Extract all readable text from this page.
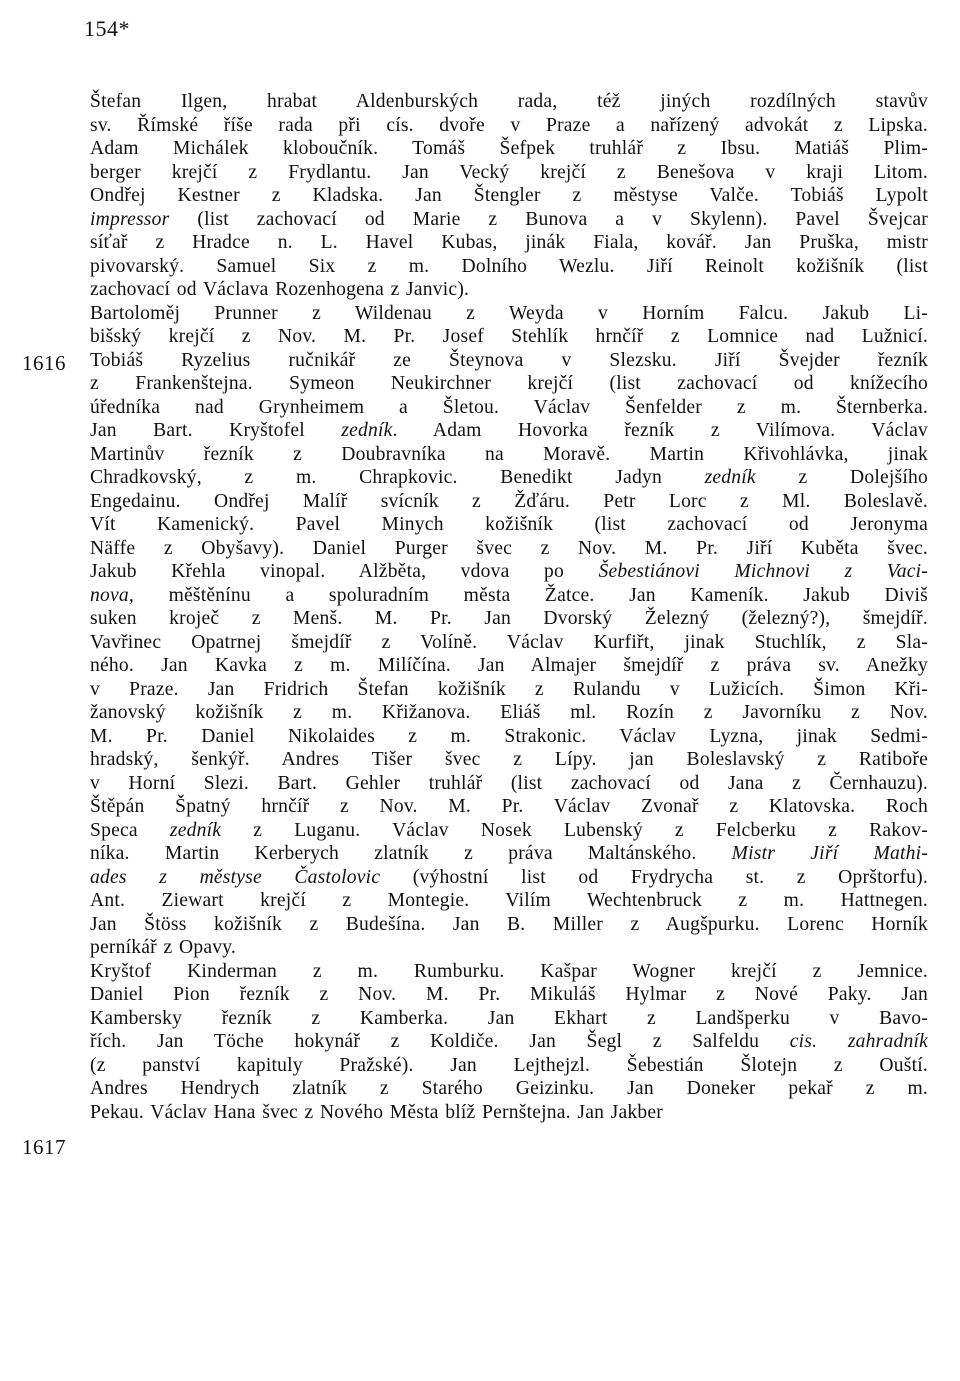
154*
1616
1617
Štefan Ilgen, hrabat Aldenburských rada, též jiných rozdílných stavův
sv. Římské říše rada při cís. dvoře v Praze a nařízený advokát z Lipska.
Adam Michálek kloboučník. Tomáš Šefpek truhlář z Ibsu. Matiáš Plim-
berger krejčí z Frydlantu. Jan Vecký krejčí z Benešova v kraji Litom.
Ondřej Kestner z Kladska. Jan Štengler z městyse Valče. Tobiáš Lypolt
impressor (list zachovací od Marie z Bunova a v Skylenn). Pavel Švejcar
síťař z Hradce n. L. Havel Kubas, jinák Fiala, kovář. Jan Pruška, mistr
pivovarský. Samuel Six z m. Dolního Wezlu. Jiří Reinolt kožišník (list
zachovací od Václava Rozenhogena z Janvic).
Bartoloměj Prunner z Wildenau z Weyda v Horním Falcu. Jakub Li-
bišský krejčí z Nov. M. Pr. Josef Stehlík hrnčíř z Lomnice nad Lužnicí.
Tobiáš Ryzelius ručnikář ze Šteynova v Slezsku. Jiří Švejder řezník
z Frankenštejna. Symeon Neukirchner krejčí (list zachovací od knížecího
úředníka nad Grynheimem a Šletou. Václav Šenfelder z m. Šternberka.
Jan Bart. Kryštofel zedník. Adam Hovorka řezník z Vilímova. Václav
Martinův řezník z Doubravníka na Moravě. Martin Křivohlávka, jinak
Chradkovský, z m. Chrapkovic. Benedikt Jadyn zedník z Dolejšího
Engedainu. Ondřej Malíř svícník z Žďáru. Petr Lorc z Ml. Boleslavě.
Vít Kamenický. Pavel Minych kožišník (list zachovací od Jeronyma
Näffe z Obyšavy). Daniel Purger švec z Nov. M. Pr. Jiří Kuběta švec.
Jakub Křehla vinopal. Alžběta, vdova po Šebestiánovi Michnovi z Vaci-
nova, měštěnínu a spoluradním města Žatce. Jan Kameník. Jakub Diviš
suken kroječ z Menš. M. Pr. Jan Dvorský Železný (železný?), šmejdíř.
Vavřinec Opatrnej šmejdíř z Volíně. Václav Kurfiřt, jinak Stuchlík, z Sla-
ného. Jan Kavka z m. Milíčína. Jan Almajer šmejdíř z práva sv. Anežky
v Praze. Jan Fridrich Štefan kožišník z Rulandu v Lužicích. Šimon Kři-
žanovský kožišník z m. Křižanova. Eliáš ml. Rozín z Javorníku z Nov.
M. Pr. Daniel Nikolaides z m. Strakonic. Václav Lyzna, jinak Sedmi-
hradský, šenkýř. Andres Tišer švec z Lípy. jan Boleslavský z Ratiboře
v Horní Slezi. Bart. Gehler truhlář (list zachovací od Jana z Černhauzu).
Štěpán Špatný hrnčíř z Nov. M. Pr. Václav Zvonař z Klatovska. Roch
Speca zedník z Luganu. Václav Nosek Lubenský z Felcberku z Rakov-
níka. Martin Kerberych zlatník z práva Maltánského. Mistr Jiří Mathi-
ades z městyse Častolovic (výhostní list od Frydrycha st. z Oprštorfu).
Ant. Ziewart krejčí z Montegie. Vilím Wechtenbruck z m. Hattnegen.
Jan Štöss kožišník z Budešína. Jan B. Miller z Augšpurku. Lorenc Horník
perníkář z Opavy.
Kryštof Kinderman z m. Rumburku. Kašpar Wogner krejčí z Jemnice.
Daniel Pion řezník z Nov. M. Pr. Mikuláš Hylmar z Nové Paky. Jan
Kambersky řezník z Kamberka. Jan Ekhart z Landšperku v Bavo-
řích. Jan Töche hokynář z Koldiče. Jan Šegl z Salfeldu cis. zahradník
(z panství kapituly Pražské). Jan Lejthejzl. Šebestián Šlotejn z Ouští.
Andres Hendrych zlatník z Starého Geizinku. Jan Doneker pekař z m.
Pekau. Václav Hana švec z Nového Města blíž Pernštejna. Jan Jakber
